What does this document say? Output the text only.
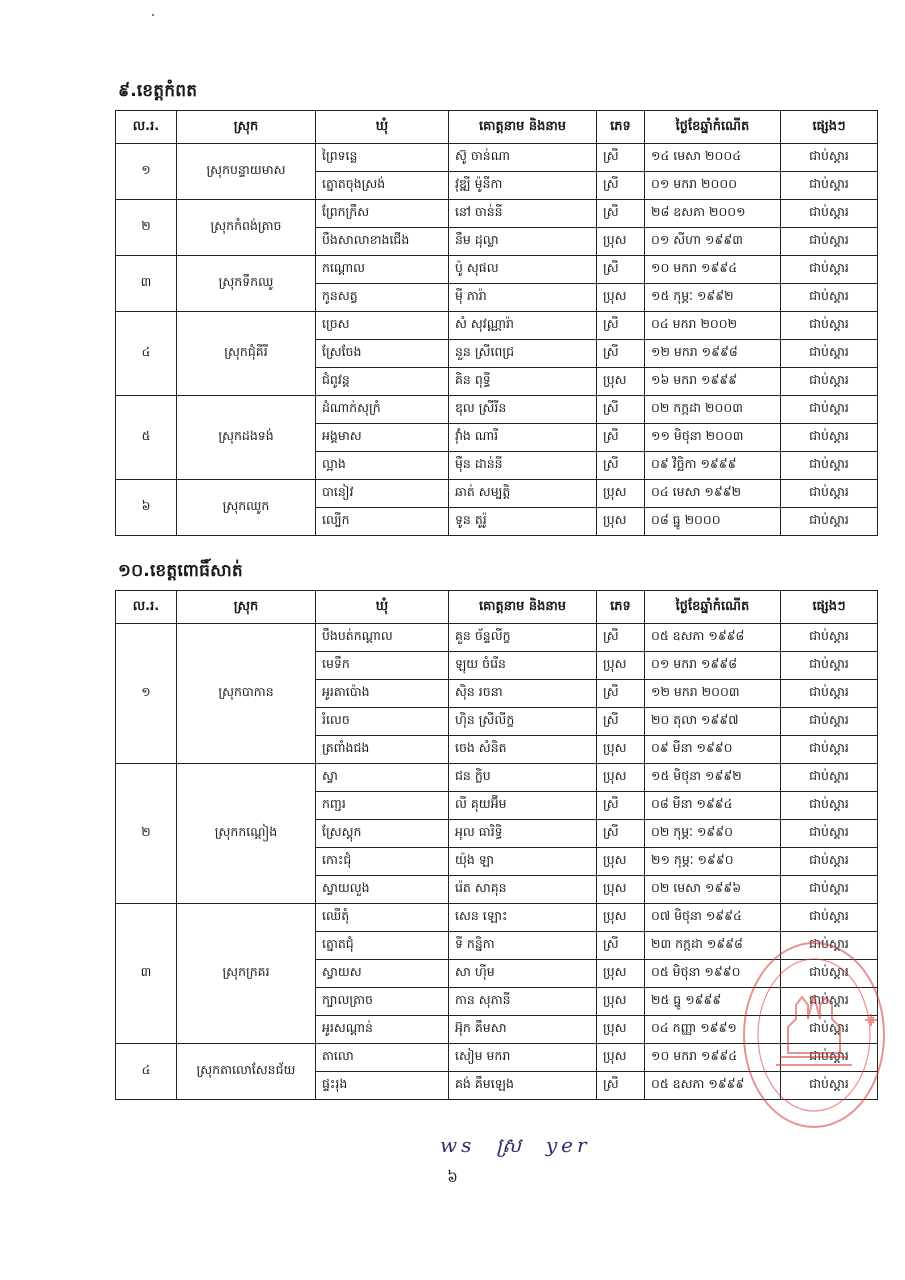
៩.ខេត្តកំពត
ល.រ.	ស្រុក	ឃុំ	គោត្តនាម និងនាម	ភេទ	ថ្ងៃខែឆ្នាំកំណើត	ផ្សេងៗ
១	ស្រុកបន្ទាយមាស	ព្រៃទន្លេ	ស៊ូ ចាន់ណា	ស្រី	១៤ មេសា ២០០៤	ជាប់ស្ដារ
		ត្នោតចុងស្រង់	វុឌ្ឍី ម៉ូនីកា	ស្រី	០១ មករា ២០០០	ជាប់ស្ដារ
២	ស្រុកកំពង់ត្រាច	ព្រែកក្រឹស	នៅ ចាន់នី	ស្រី	២៨ ឧសភា ២០០១	ជាប់ស្ដារ
		បឹងសាលាខាងជើង	នឹម ដុល្លា	ប្រុស	០១ សីហា ១៩៩៣	ជាប់ស្ដារ
៣	ស្រុកទឹកឈូ	កណ្ដោល	ប៉ូ សុផល	ស្រី	១០ មករា ១៩៩៤	ជាប់ស្ដារ
		កូនសត្វ	ម៉ី ភារ៉ា	ប្រុស	១៥ កុម្ភៈ ១៩៩២	ជាប់ស្ដារ
៤	ស្រុកជុំគីរី	ច្រេស	សំ សុវណ្ណារ៉ា	ស្រី	០៤ មករា ២០០២	ជាប់ស្ដារ
		ស្រែចែង	នួន ស្រីពេជ្រ	ស្រី	១២ មករា ១៩៩៨	ជាប់ស្ដារ
		ជំពូវន្ត	គិន ពុទ្ធី	ប្រុស	១៦ មករា ១៩៩៩	ជាប់ស្ដារ
៥	ស្រុកដងទង់	ដំណាក់សុក្រំ	ឌុល ស្រីរីន	ស្រី	០២ កក្កដា ២០០៣	ជាប់ស្ដារ
		អង្គមាស	វ៉ាំង ណារី	ស្រី	១១ មិថុនា ២០០៣	ជាប់ស្ដារ
		ល្អាង	ម៉ឺន ដាន់នី	ស្រី	០៩ វិច្ឆិកា ១៩៩៩	ជាប់ស្ដារ
៦	ស្រុកឈូក	បានៀវ	ឆាត់ សម្បត្តិ	ប្រុស	០៤ មេសា ១៩៩២	ជាប់ស្ដារ
		ល្បើក	ទូន តូរ៉ូ	ប្រុស	០៨ ធ្នូ ២០០០	ជាប់ស្ដារ
១០.ខេត្តពោធិ៍សាត់
ល.រ.	ស្រុក	ឃុំ	គោត្តនាម និងនាម	ភេទ	ថ្ងៃខែឆ្នាំកំណើត	ផ្សេងៗ
១	ស្រុកបាកាន	បឹងបត់កណ្ដាល	គួន ច័ន្ទលីក្ខ	ស្រី	០៥ ឧសភា ១៩៩៨	ជាប់ស្ដារ
		មេទឹក	ឡុយ ចំរើន	ប្រុស	០១ មករា ១៩៩៨	ជាប់ស្ដារ
		អូរតាប៉ោង	ស៊ិន រចនា	ស្រី	១២ មករា ២០០៣	ជាប់ស្ដារ
		រំលេច	ហ៊ិន ស្រីលីក្ខ	ស្រី	២០ តុលា ១៩៩៧	ជាប់ស្ដារ
		ត្រពាំងជង	ចេង សំនិត	ប្រុស	០៩ មីនា ១៩៩០	ជាប់ស្ដារ
២	ស្រុកកណ្ដៀង	ស្វា	ជន ក្លិប	ប្រុស	១៥ មិថុនា ១៩៩២	ជាប់ស្ដារ
		កញ្ជរ	លី គុយអ៊ីម	ស្រី	០៨ មីនា ១៩៩៤	ជាប់ស្ដារ
		ស្រែស្ដុក	អុល ធារិទ្ធិ	ស្រី	០២ កុម្ភៈ ១៩៩០	ជាប់ស្ដារ
		កោះជុំ	យ៉ុង ឡា	ប្រុស	២១ កុម្ភៈ ១៩៩០	ជាប់ស្ដារ
		ស្វាយលួង	រ៉េត សាគុន	ប្រុស	០២ មេសា ១៩៩៦	ជាប់ស្ដារ
៣	ស្រុកក្រគរ	ឈើតុំ	សេន ឡោះ	ប្រុស	០៧ មិថុនា ១៩៩៤	ជាប់ស្ដារ
		ត្នោតជុំ	ទី កន្និកា	ស្រី	២៣ កក្កដា ១៩៩៨	ជាប់ស្ដារ
		ស្វាយស	សា ហ៊ីម	ប្រុស	០៥ មិថុនា ១៩៩០	ជាប់ស្ដារ
		ក្បាលត្រាច	កាន សុភានី	ប្រុស	២៥ ធ្នូ ១៩៩៩	ជាប់ស្ដារ
		អូរសណ្ដាន់	អ៊ុក គឹមសា	ប្រុស	០៤ កញ្ញា ១៩៩១	ជាប់ស្ដារ
៤	ស្រុកតាលោសែនជ័យ	តាលោ	សៀម មករា	ប្រុស	១០ មករា ១៩៩៤	ជាប់ស្ដារ
		ផ្ទះរុង	គង់ គឹមឡេង	ស្រី	០៥ ឧសភា ១៩៩៩	ជាប់ស្ដារ
ws  ស្រ  yer
៦
